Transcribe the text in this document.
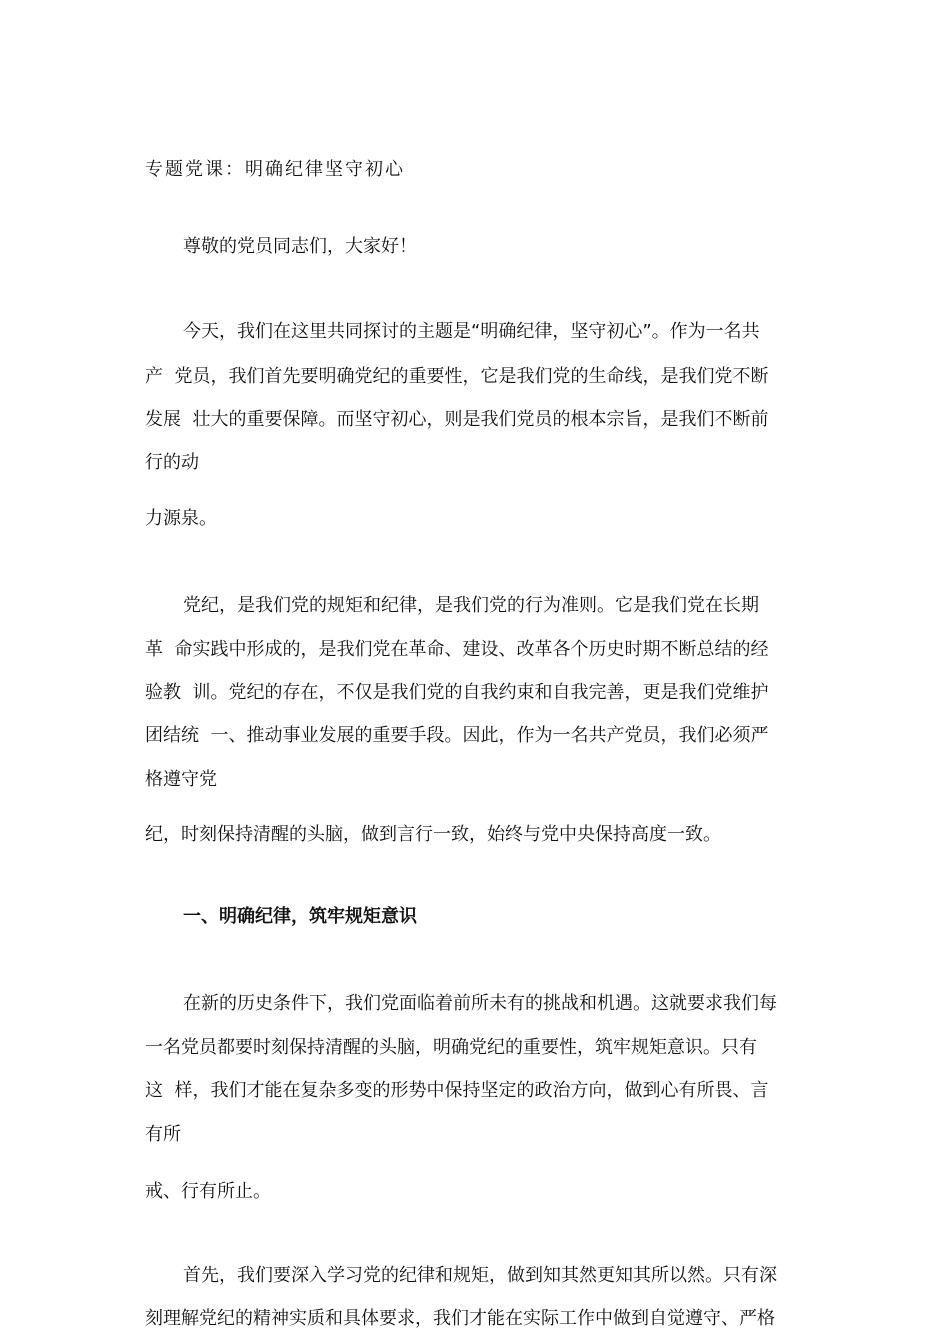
专题党课：明确纪律坚守初心
尊敬的党员同志们，大家好！
今天，我们在这里共同探讨的主题是“明确纪律，坚守初心”。作为一名共
产  党员，我们首先要明确党纪的重要性，它是我们党的生命线，是我们党不断
发展  壮大的重要保障。而坚守初心，则是我们党员的根本宗旨，是我们不断前
行的动
力源泉。
党纪，是我们党的规矩和纪律，是我们党的行为准则。它是我们党在长期
革  命实践中形成的，是我们党在革命、建设、改革各个历史时期不断总结的经
验教  训。党纪的存在，不仅是我们党的自我约束和自我完善，更是我们党维护
团结统  一、推动事业发展的重要手段。因此，作为一名共产党员，我们必须严
格遵守党
纪，时刻保持清醒的头脑，做到言行一致，始终与党中央保持高度一致。
一、明确纪律，筑牢规矩意识
在新的历史条件下，我们党面临着前所未有的挑战和机遇。这就要求我们每
一名党员都要时刻保持清醒的头脑，明确党纪的重要性，筑牢规矩意识。只有
这  样，我们才能在复杂多变的形势中保持坚定的政治方向，做到心有所畏、言
有所
戒、行有所止。
首先，我们要深入学习党的纪律和规矩，做到知其然更知其所以然。只有深
刻理解党纪的精神实质和具体要求，我们才能在实际工作中做到自觉遵守、严格
